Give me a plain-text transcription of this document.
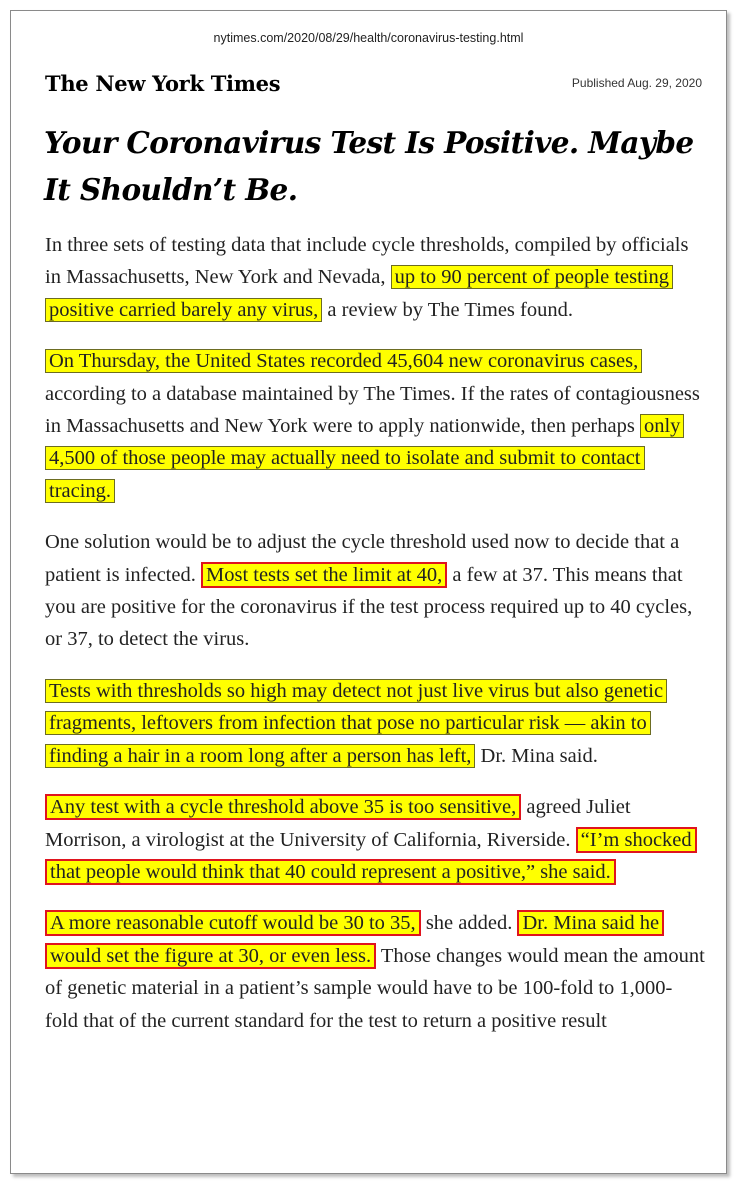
nytimes.com/2020/08/29/health/coronavirus-testing.html
The New York Times	Published Aug. 29, 2020
Your Coronavirus Test Is Positive. Maybe It Shouldn’t Be.

In three sets of testing data that include cycle thresholds, compiled by officials in Massachusetts, New York and Nevada, up to 90 percent of people testing positive carried barely any virus, a review by The Times found.

On Thursday, the United States recorded 45,604 new coronavirus cases, according to a database maintained by The Times. If the rates of contagiousness in Massachusetts and New York were to apply nationwide, then perhaps only 4,500 of those people may actually need to isolate and submit to contact tracing.

One solution would be to adjust the cycle threshold used now to decide that a patient is infected. Most tests set the limit at 40, a few at 37. This means that you are positive for the coronavirus if the test process required up to 40 cycles, or 37, to detect the virus.

Tests with thresholds so high may detect not just live virus but also genetic fragments, leftovers from infection that pose no particular risk — akin to finding a hair in a room long after a person has left, Dr. Mina said.

Any test with a cycle threshold above 35 is too sensitive, agreed Juliet Morrison, a virologist at the University of California, Riverside. “I’m shocked that people would think that 40 could represent a positive,” she said.

A more reasonable cutoff would be 30 to 35, she added. Dr. Mina said he would set the figure at 30, or even less. Those changes would mean the amount of genetic material in a patient’s sample would have to be 100-fold to 1,000-fold that of the current standard for the test to return a positive result
